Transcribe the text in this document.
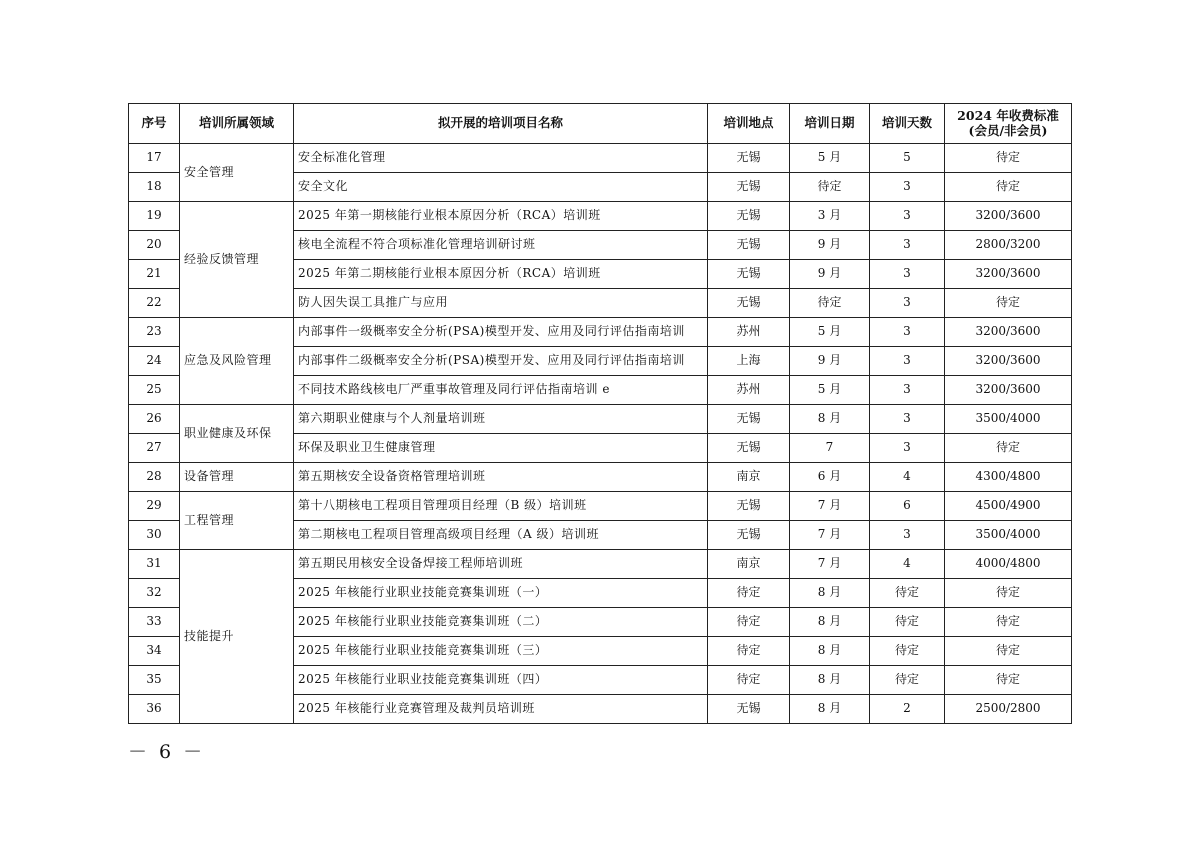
序号	培训所属领域	拟开展的培训项目名称	培训地点	培训日期	培训天数	2024 年收费标准
(会员/非会员)
17	安全管理	安全标准化管理	无锡	5 月	5	待定
18		安全文化	无锡	待定	3	待定
19	经验反馈管理	2025 年第一期核能行业根本原因分析（RCA）培训班	无锡	3 月	3	3200/3600
20		核电全流程不符合项标准化管理培训研讨班	无锡	9 月	3	2800/3200
21		2025 年第二期核能行业根本原因分析（RCA）培训班	无锡	9 月	3	3200/3600
22		防人因失误工具推广与应用	无锡	待定	3	待定
23	应急及风险管理	内部事件一级概率安全分析(PSA)模型开发、应用及同行评估指南培训	苏州	5 月	3	3200/3600
24		内部事件二级概率安全分析(PSA)模型开发、应用及同行评估指南培训	上海	9 月	3	3200/3600
25		不同技术路线核电厂严重事故管理及同行评估指南培训 e	苏州	5 月	3	3200/3600
26	职业健康及环保	第六期职业健康与个人剂量培训班	无锡	8 月	3	3500/4000
27		环保及职业卫生健康管理	无锡	7	3	待定
28	设备管理	第五期核安全设备资格管理培训班	南京	6 月	4	4300/4800
29	工程管理	第十八期核电工程项目管理项目经理（B 级）培训班	无锡	7 月	6	4500/4900
30		第二期核电工程项目管理高级项目经理（A 级）培训班	无锡	7 月	3	3500/4000
31	技能提升	第五期民用核安全设备焊接工程师培训班	南京	7 月	4	4000/4800
32		2025 年核能行业职业技能竞赛集训班（一）	待定	8 月	待定	待定
33		2025 年核能行业职业技能竞赛集训班（二）	待定	8 月	待定	待定
34		2025 年核能行业职业技能竞赛集训班（三）	待定	8 月	待定	待定
35		2025 年核能行业职业技能竞赛集训班（四）	待定	8 月	待定	待定
36		2025 年核能行业竞赛管理及裁判员培训班	无锡	8 月	2	2500/2800
－ 6 －
